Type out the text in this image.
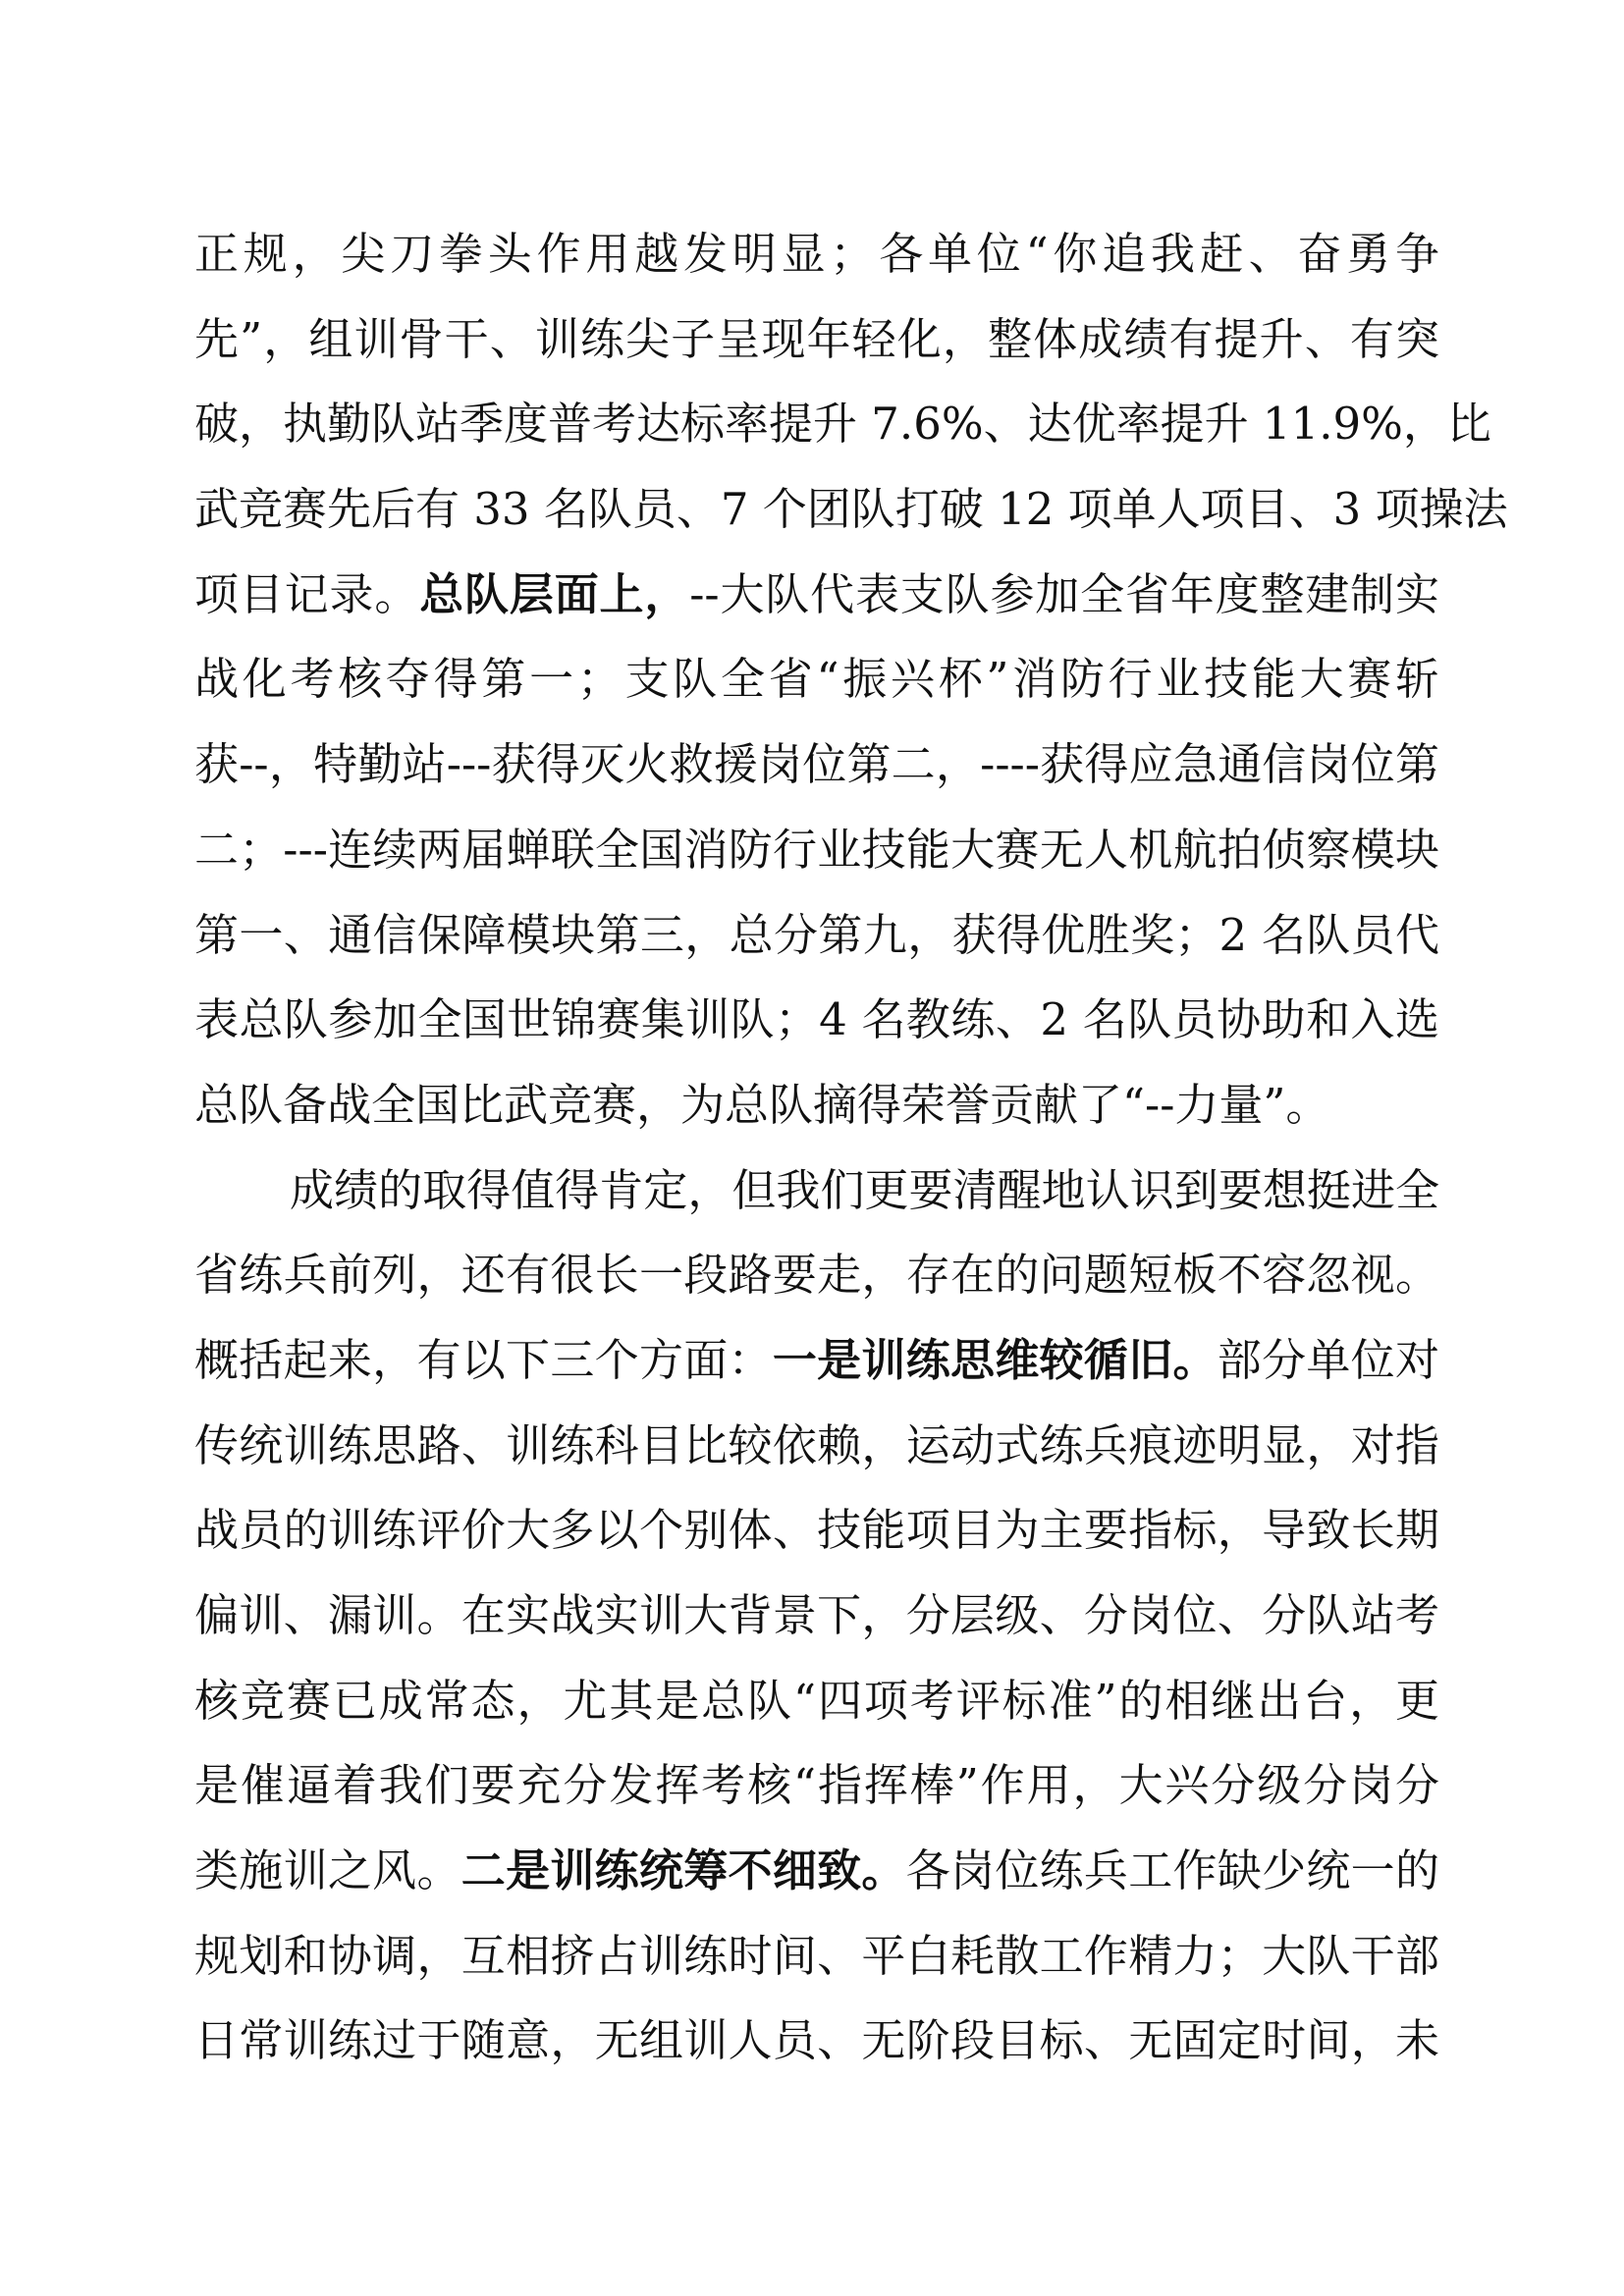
正规，尖刀拳头作用越发明显；各单位“你追我赶、奋勇争
先”，组训骨干、训练尖子呈现年轻化，整体成绩有提升、有突
破，执勤队站季度普考达标率提升 7.6%、达优率提升 11.9%，比
武竞赛先后有 33 名队员、7 个团队打破 12 项单人项目、3 项操法
项目记录。总队层面上，--大队代表支队参加全省年度整建制实
战化考核夺得第一；支队全省“振兴杯”消防行业技能大赛斩
获--，特勤站---获得灭火救援岗位第二，----获得应急通信岗位第
二；---连续两届蝉联全国消防行业技能大赛无人机航拍侦察模块
第一、通信保障模块第三，总分第九，获得优胜奖；2 名队员代
表总队参加全国世锦赛集训队；4 名教练、2 名队员协助和入选
总队备战全国比武竞赛，为总队摘得荣誉贡献了“--力量”。
成绩的取得值得肯定，但我们更要清醒地认识到要想挺进全
省练兵前列，还有很长一段路要走，存在的问题短板不容忽视。
概括起来，有以下三个方面：一是训练思维较循旧。部分单位对
传统训练思路、训练科目比较依赖，运动式练兵痕迹明显，对指
战员的训练评价大多以个别体、技能项目为主要指标，导致长期
偏训、漏训。在实战实训大背景下，分层级、分岗位、分队站考
核竞赛已成常态，尤其是总队“四项考评标准”的相继出台，更
是催逼着我们要充分发挥考核“指挥棒”作用，大兴分级分岗分
类施训之风。二是训练统筹不细致。各岗位练兵工作缺少统一的
规划和协调，互相挤占训练时间、平白耗散工作精力；大队干部
日常训练过于随意，无组训人员、无阶段目标、无固定时间，未
